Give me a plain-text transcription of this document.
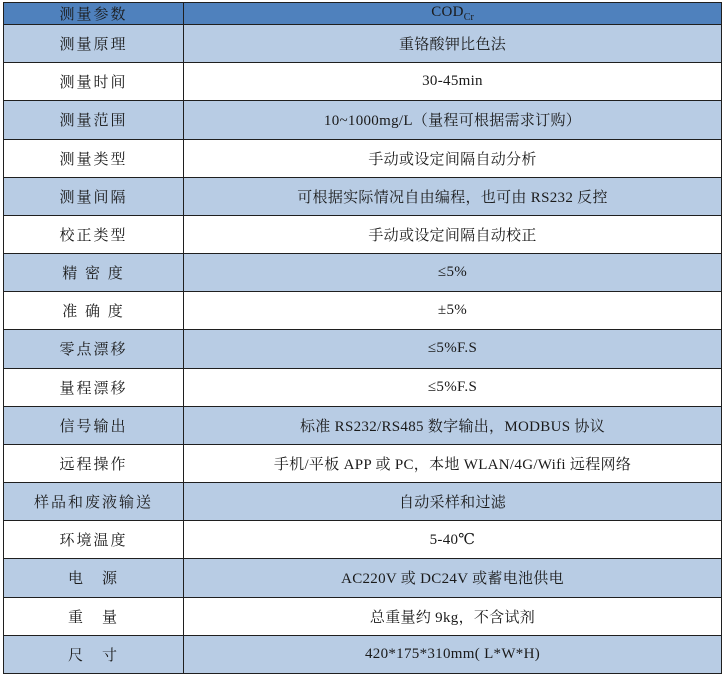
测量参数	$COD_{Cr}$
测量原理	重铬酸钾比色法
测量时间	30-45min
测量范围	10~1000mg/L（量程可根据需求订购）
测量类型	手动或设定间隔自动分析
测量间隔	可根据实际情况自由编程，也可由 RS232 反控
校正类型	手动或设定间隔自动校正
精 密 度	≤5%
准 确 度	±5%
零点漂移	≤5%F.S
量程漂移	≤5%F.S
信号输出	标准 RS232/RS485 数字输出，MODBUS 协议
远程操作	手机/平板 APP 或 PC，本地 WLAN/4G/Wifi 远程网络
样品和废液输送	自动采样和过滤
环境温度	5-40℃
电　源	AC220V 或 DC24V 或蓄电池供电
重　量	总重量约 9kg，不含试剂
尺　寸	420*175*310mm( L*W*H)
